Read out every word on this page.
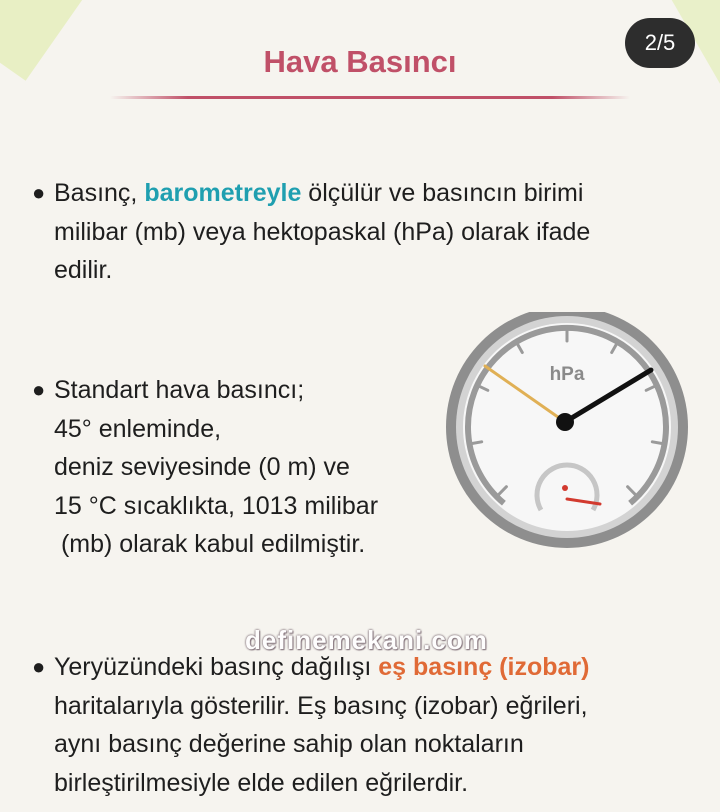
2/5
Hava Basıncı
● Basınç, barometreyle ölçülür ve basıncın birimi
milibar (mb) veya hektopaskal (hPa) olarak ifade
edilir.

● Standart hava basıncı;
45° enleminde,
deniz seviyesinde (0 m) ve
15 °C sıcaklıkta, 1013 milibar
(mb) olarak kabul edilmiştir.

hPa
definemekani.com
● Yeryüzündeki basınç dağılışı eş basınç (izobar)
haritalarıyla gösterilir. Eş basınç (izobar) eğrileri,
aynı basınç değerine sahip olan noktaların
birleştirilmesiyle elde edilen eğrilerdir.
